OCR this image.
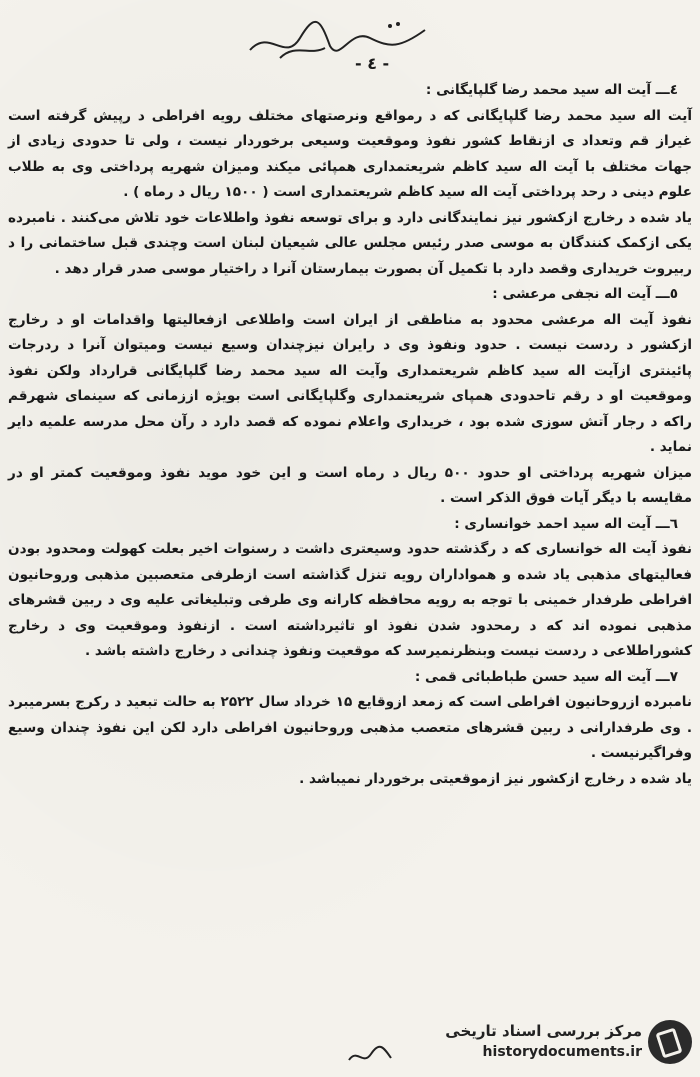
- ٤ -

٤ـــ آیت اله سید محمد رضا گلپایگانی :

آیت اله سید محمد رضا گلپایگانی که د رمواقع ونرصتهای مختلف رویه افراطی د رپیش گرفته است غیراز قم وتعداد ی ازنقاط کشور نفوذ وموقعیت وسیعی برخوردار نیست ، ولی تا حدودی زیادی از جهات مختلف با آیت اله سید کاظم شریعتمداری همپائی میکند ومیزان شهریه پرداختی وی به طلاب علوم دینی د رحد پرداختی آیت اله سید کاظم شریعتمداری است ( ۱۵۰۰ ریال د رماه ) .

یاد شده د رخارج ازکشور نیز نمایندگانی دارد و برای توسعه نفوذ واطلاعات خود تلاش می‌کنند . نامبرده یکی ازکمک کنندگان به موسی صدر رئیس مجلس عالی شیعیان لبنان است وچندی قبل ساختمانی را د ربیروت خریداری وقصد دارد با تکمیل آن بصورت بیمارستان آنرا د راختیار موسی صدر قرار دهد .

٥ـــ آیت اله نجفی مرعشی :

نفوذ آیت اله مرعشی محدود به مناطقی از ایران است واطلاعی ازفعالیتها واقدامات او د رخارج ازکشور د ردست نیست . حدود ونفوذ وی د رایران نیزچندان وسیع نیست ومیتوان آنرا د ردرجات پائینتری ازآیت اله سید کاظم شریعتمداری وآیت اله سید محمد رضا گلپایگانی قرارداد ولکن نفوذ وموقعیت او د رقم تاحدودی همپای شریعتمداری وگلپایگانی است بویژه اززمانی که سینمای شهرقم راکه د رجار آتش سوزی شده بود ، خریداری واعلام نموده که قصد دارد د رآن محل مدرسه علمیه دایر نماید .

میزان شهریه پرداختی او حدود ۵۰۰ ریال د رماه است و این خود موید نفوذ وموقعیت کمتر او در مقایسه با دیگر آیات فوق الذکر است .

٦ـــ آیت اله سید احمد خوانساری :

نفوذ آیت اله خوانساری که د رگذشته حدود وسیعتری داشت د رسنوات اخیر بعلت کهولت ومحدود بودن فعالیتهای مذهبی یاد شده و همواداران رویه تنزل گذاشته است ازطرفی متعصبین مذهبی وروحانیون افراطی طرفدار خمینی با توجه به رویه محافظه کارانه وی طرفی وتبلیغاتی علیه وی د ربین قشرهای مذهبی نموده اند که د رمحدود شدن نفوذ او تاثیرداشته است . ازنفوذ وموقعیت وی د رخارج کشوراطلاعی د ردست نیست وبنظرنمیرسد که موقعیت ونفوذ چندانی د رخارج داشته باشد .

٧ـــ آیت اله سید حسن طباطبائی قمی :

نامبرده ازروحانیون افراطی است که زمعد ازوقایع ۱۵ خرداد سال ۲۵۲۲ به حالت تبعید د رکرج بسرمیبرد . وی طرفدارانی د ربین قشرهای متعصب مذهبی وروحانیون افراطی دارد لکن این نفوذ چندان وسیع وفراگیرنیست .

یاد شده د رخارج ازکشور نیز ازموقعیتی برخوردار نمیباشد .

مرکز بررسی اسناد تاریخی
historydocuments.ir
